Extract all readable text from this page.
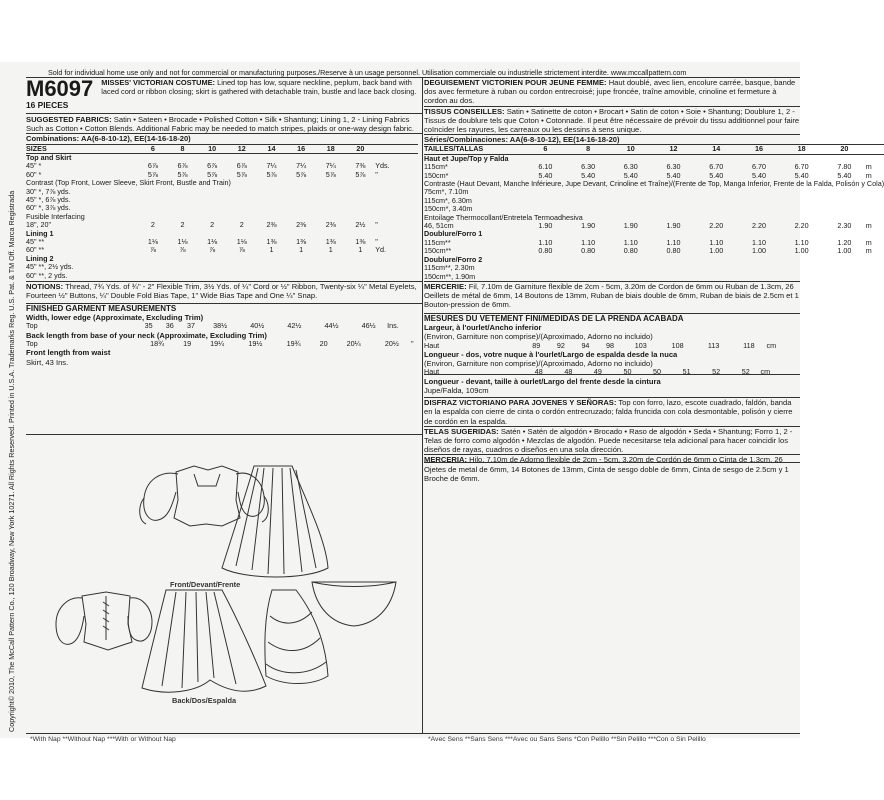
Sold for individual home use only and not for commercial or manufacturing purposes./Reserve à un usage personnel. Utilisation commerciale ou industrielle strictement interdite. www.mccallpattern.com
Copyright© 2010, The McCall Pattern Co., 120 Broadway, New York 10271. All Rights Reserved. Printed in U.S.A. Trademarks Reg. U.S. Pat. & TM Off. Marca Registrada
M6097
16 PIECES
MISSES' VICTORIAN COSTUME: Lined top has low, square neckline, peplum, back band with laced cord or ribbon closing; skirt is gathered with detachable train, bustle and lace back closing.
SUGGESTED FABRICS: Satin • Sateen • Brocade • Polished Cotton • Silk • Shantung; Lining 1, 2 - Lining Fabrics Such as Cotton • Cotton Blends. Additional Fabric may be needed to match stripes, plaids or one-way design fabric.
Combinations: AA(6-8-10-12), EE(14-16-18-20)
SIZES	6	8	10	12	14	16	18	20	
Top and Skirt									
45" *	6⅞	6⅞	6⅞	6⅞	7¼	7¼	7¼	7⅜	Yds.
60" *	5⅞	5⅞	5⅞	5⅞	5⅞	5⅞	5⅞	5⅞	"
Contrast (Top Front, Lower Sleeve, Skirt Front, Bustle and Train)									
30" *, 7⅞ yds.									
45" *, 6⅞ yds.									
60" *, 3⅞ yds.									
Fusible Interfacing									
18", 20"	2	2	2	2	2⅜	2⅜	2⅜	2½	"
Lining 1									
45" **	1⅛	1⅛	1⅛	1⅛	1⅜	1⅜	1⅜	1⅜	"
60" **	⅞	⅞	⅞	⅞	1	1	1	1	Yd.
Lining 2									
45" **, 2½ yds.									
60" **, 2 yds.									
NOTIONS: Thread, 7¾ Yds. of ¾" - 2" Flexible Trim, 3½ Yds. of ¼" Cord or ½" Ribbon, Twenty-six ¼" Metal Eyelets, Fourteen ½" Buttons, ¼" Double Fold Bias Tape, 1" Wide Bias Tape and One ¼" Snap.
FINISHED GARMENT MEASUREMENTS
Width, lower edge (Approximate, Excluding Trim)
Top	35	36	37	38½	40½	42½	44½	46½	Ins.
Back length from base of your neck (Approximate, Excluding Trim)
Top	18¾	19	19¼	19½	19¾	20	20¼	20½	"
Front length from waist
Skirt, 43 Ins.
Front/Devant/Frente
Back/Dos/Espalda
*With Nap **Without Nap ***With or Without Nap
DEGUISEMENT VICTORIEN POUR JEUNE FEMME: Haut doublé, avec lien, encolure carrée, basque, bande dos avec fermeture à ruban ou cordon entrecroisé; jupe froncée, traîne amovible, crinoline et fermeture à cordon au dos.
TISSUS CONSEILLES: Satin • Satinette de coton • Brocart • Satin de coton • Soie • Shantung; Doublure 1, 2 - Tissus de doublure tels que Coton • Cotonnade. Il peut être nécessaire de prévoir du tissu additionnel pour faire coïncider les rayures, les carreaux ou les dessins à sens unique.
Séries/Combinaciones: AA(6-8-10-12), EE(14-16-18-20)
TAILLES/TALLAS	6	8	10	12	14	16	18	20	
Haut et Jupe/Top y Falda									
115cm*	6.10	6.30	6.30	6.30	6.70	6.70	6.70	7.80	m
150cm*	5.40	5.40	5.40	5.40	5.40	5.40	5.40	5.40	m
Contraste (Haut Devant, Manche Inférieure, Jupe Devant, Crinoline et Traîne)/(Frente de Top, Manga Inferior, Frente de la Falda, Polisón y Cola)									
75cm*, 7.10m									
115cm*, 6.30m									
150cm*, 3.40m									
Entoilage Thermocollant/Entretela Termoadhesiva									
46, 51cm	1.90	1.90	1.90	1.90	2.20	2.20	2.20	2.30	m
Doublure/Forro 1									
115cm**	1.10	1.10	1.10	1.10	1.10	1.10	1.10	1.20	m
150cm**	0.80	0.80	0.80	0.80	1.00	1.00	1.00	1.00	m
Doublure/Forro 2									
115cm**, 2.30m									
150cm**, 1.90m									
MERCERIE: Fil, 7.10m de Garniture flexible de 2cm - 5cm, 3.20m de Cordon de 6mm ou Ruban de 1.3cm, 26 Oeillets de métal de 6mm, 14 Boutons de 13mm, Ruban de biais double de 6mm, Ruban de biais de 2.5cm et 1 Bouton-pression de 6mm.
MESURES DU VETEMENT FINI/MEDIDAS DE LA PRENDA ACABADA
Largeur, à l'ourlet/Ancho inferior
(Environ, Garniture non comprise)/(Aproximado, Adorno no incluido)
Haut	89	92	94	98	103	108	113	118	cm
Longueur - dos, votre nuque à l'ourlet/Largo de espalda desde la nuca
(Environ, Garniture non comprise)/(Aproximado, Adorno no incluido)
Haut	48	48	49	50	50	51	52	52	cm
Longueur - devant, taille à ourlet/Largo del frente desde la cintura
Jupe/Falda, 109cm
DISFRAZ VICTORIANO PARA JOVENES Y SEÑORAS: Top con forro, lazo, escote cuadrado, faldón, banda en la espalda con cierre de cinta o cordón entrecruzado; falda fruncida con cola desmontable, polisón y cierre de cordón en la espalda.
TELAS SUGERIDAS: Satén • Satén de algodón • Brocado • Raso de algodón • Seda • Shantung; Forro 1, 2 - Telas de forro como algodón • Mezclas de algodón. Puede necesitarse tela adicional para hacer coincidir los diseños de rayas, cuadros o diseños en una sola dirección.
MERCERIA: Hilo, 7.10m de Adorno flexible de 2cm - 5cm, 3.20m de Cordón de 6mm o Cinta de 1.3cm, 26 Ojetes de metal de 6mm, 14 Botones de 13mm, Cinta de sesgo doble de 6mm, Cinta de sesgo de 2.5cm y 1 Broche de 6mm.
*Avec Sens **Sans Sens ***Avec ou Sans Sens *Con Pelillo **Sin Pelillo ***Con o Sin Pelillo
